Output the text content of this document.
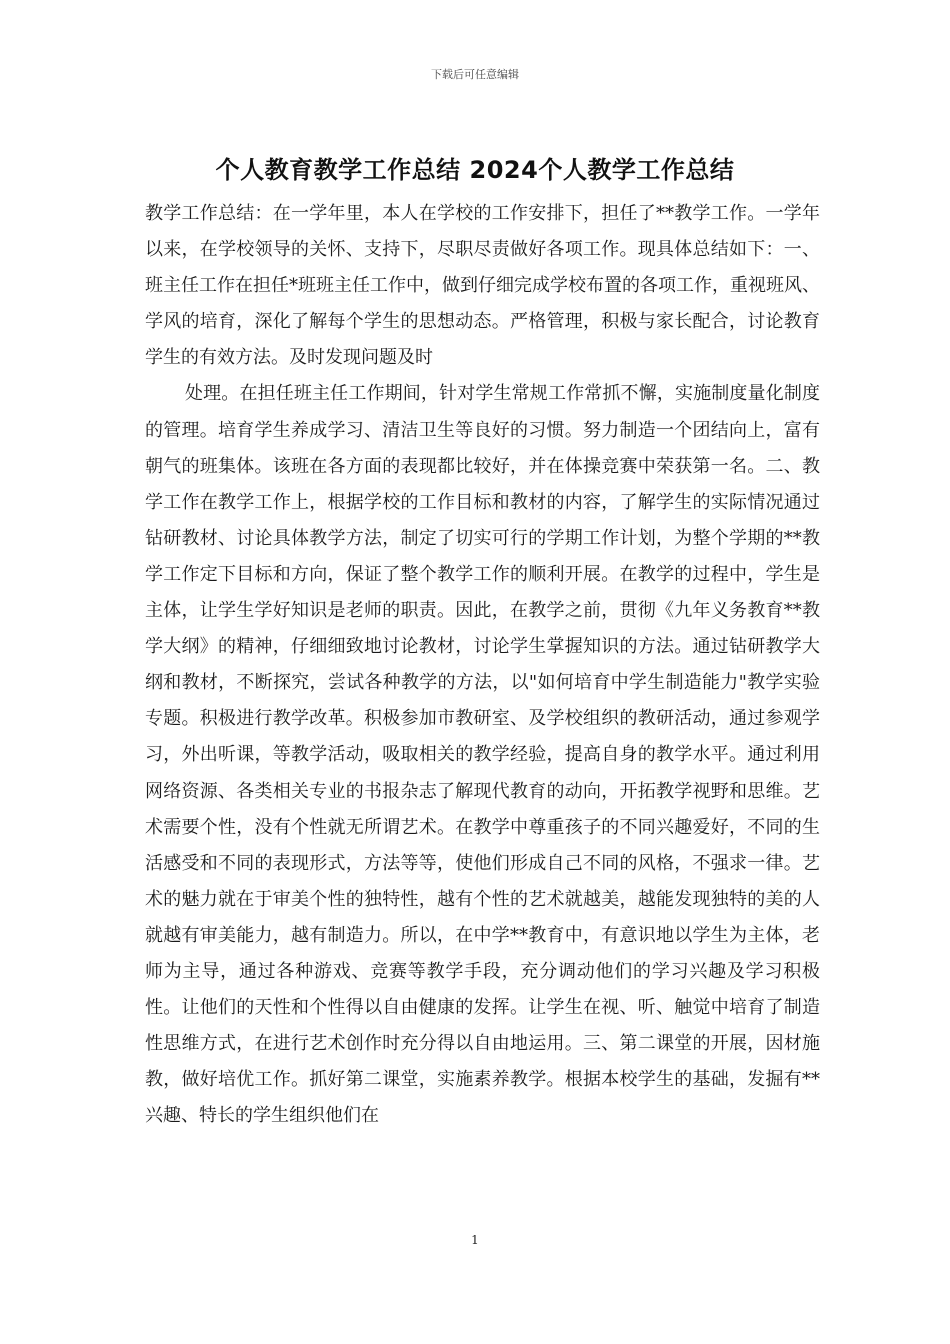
下载后可任意编辑
个人教育教学工作总结 2024个人教学工作总结

教学工作总结：在一学年里，本人在学校的工作安排下，担任了**教学工作。一学年以来，在学校领导的关怀、支持下，尽职尽责做好各项工作。现具体总结如下：一、班主任工作在担任*班班主任工作中，做到仔细完成学校布置的各项工作，重视班风、学风的培育，深化了解每个学生的思想动态。严格管理，积极与家长配合，讨论教育学生的有效方法。及时发现问题及时

处理。在担任班主任工作期间，针对学生常规工作常抓不懈，实施制度量化制度的管理。培育学生养成学习、清洁卫生等良好的习惯。努力制造一个团结向上，富有朝气的班集体。该班在各方面的表现都比较好，并在体操竞赛中荣获第一名。二、教学工作在教学工作上，根据学校的工作目标和教材的内容，了解学生的实际情况通过钻研教材、讨论具体教学方法，制定了切实可行的学期工作计划，为整个学期的**教学工作定下目标和方向，保证了整个教学工作的顺利开展。在教学的过程中，学生是主体，让学生学好知识是老师的职责。因此，在教学之前，贯彻《九年义务教育**教学大纲》的精神，仔细细致地讨论教材，讨论学生掌握知识的方法。通过钻研教学大纲和教材，不断探究，尝试各种教学的方法，以"如何培育中学生制造能力"教学实验专题。积极进行教学改革。积极参加市教研室、及学校组织的教研活动，通过参观学习，外出听课，等教学活动，吸取相关的教学经验，提高自身的教学水平。通过利用网络资源、各类相关专业的书报杂志了解现代教育的动向，开拓教学视野和思维。艺术需要个性，没有个性就无所谓艺术。在教学中尊重孩子的不同兴趣爱好，不同的生活感受和不同的表现形式，方法等等，使他们形成自己不同的风格，不强求一律。艺术的魅力就在于审美个性的独特性，越有个性的艺术就越美，越能发现独特的美的人就越有审美能力，越有制造力。所以，在中学**教育中，有意识地以学生为主体，老师为主导，通过各种游戏、竞赛等教学手段，充分调动他们的学习兴趣及学习积极性。让他们的天性和个性得以自由健康的发挥。让学生在视、听、触觉中培育了制造性思维方式，在进行艺术创作时充分得以自由地运用。三、第二课堂的开展，因材施教，做好培优工作。抓好第二课堂，实施素养教学。根据本校学生的基础，发掘有**兴趣、特长的学生组织他们在

1
